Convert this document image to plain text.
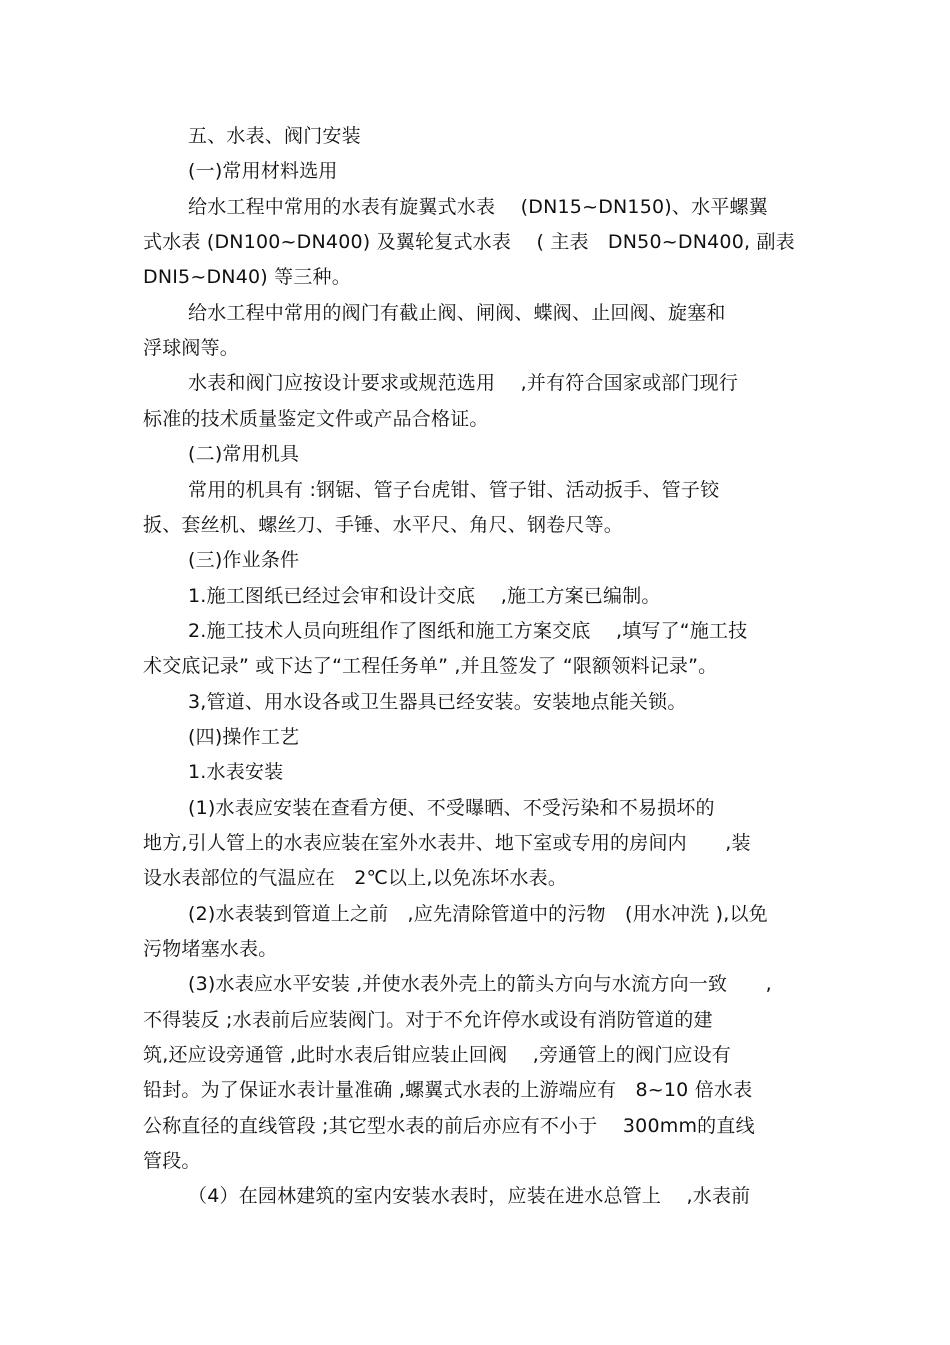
五、水表、阀门安装
(一)常用材料选用
给水工程中常用的水表有旋翼式水表　 (DN15~DN150)、水平螺翼
式水表 (DN100~DN400) 及翼轮复式水表　 ( 主表　DN50~DN400, 副表
DNI5~DN40) 等三种。
给水工程中常用的阀门有截止阀、闸阀、蝶阀、止回阀、旋塞和
浮球阀等。
水表和阀门应按设计要求或规范选用　 ,并有符合国家或部门现行
标准的技术质量鉴定文件或产品合格证。
(二)常用机具
常用的机具有 :钢锯、管子台虎钳、管子钳、活动扳手、管子铰
扳、套丝机、螺丝刀、手锤、水平尺、角尺、钢卷尺等。
(三)作业条件
1.施工图纸已经过会审和设计交底　 ,施工方案已编制。
2.施工技术人员向班组作了图纸和施工方案交底　 ,填写了“施工技
术交底记录” 或下达了“工程任务单” ,并且签发了 “限额领料记录”。
3,管道、用水设各或卫生器具已经安装。安装地点能关锁。
(四)操作工艺
1.水表安装
(1)水表应安装在查看方便、不受曝晒、不受污染和不易损坏的
地方,引人管上的水表应装在室外水表井、地下室或专用的房间内　　,装
设水表部位的气温应在　2℃以上,以免冻坏水表。
(2)水表装到管道上之前　,应先清除管道中的污物　(用水冲洗 ),以免
污物堵塞水表。
(3)水表应水平安装 ,并使水表外壳上的箭头方向与水流方向一致　　,
不得装反 ;水表前后应装阀门。对于不允许停水或设有消防管道的建
筑,还应设旁通管 ,此时水表后钳应装止回阀　 ,旁通管上的阀门应设有
铅封。为了保证水表计量准确 ,螺翼式水表的上游端应有　8~10 倍水表
公称直径的直线管段 ;其它型水表的前后亦应有不小于　 300mm的直线
管段。
（4）在园林建筑的室内安装水表时，应装在进水总管上　 ,水表前
